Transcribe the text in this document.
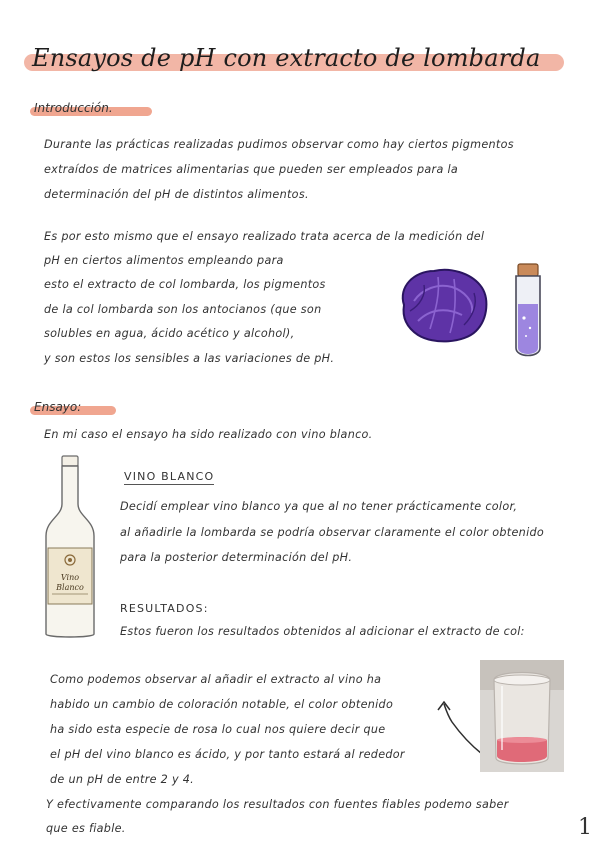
Ensayos de pH con extracto de lombarda
Introducción.
Durante las prácticas realizadas pudimos observar como hay ciertos pigmentos
extraídos de matrices alimentarias que pueden ser empleados para la
determinación del pH de distintos alimentos.
Es por esto mismo que el ensayo realizado trata acerca de la medición del
pH en ciertos alimentos empleando para
esto el extracto de col lombarda, los pigmentos
de la col lombarda son los antocianos (que son
solubles en agua, ácido acético y alcohol),
y son estos los sensibles a las variaciones de pH.
Ensayo:
En mi caso el ensayo ha sido realizado con vino blanco.
Vino Blanco
VINO BLANCO
Decidí emplear vino blanco ya que al no tener prácticamente color,
al añadirle la lombarda se podría observar claramente el color obtenido
para la posterior determinación del pH.
RESULTADOS:
Estos fueron los resultados obtenidos al adicionar el extracto de col:
Como podemos observar al añadir el extracto al vino ha
habido un cambio de coloración notable, el color obtenido
ha sido esta especie de rosa lo cual nos quiere decir que
el pH del vino blanco es ácido, y por tanto estará al rededor
de un pH de entre 2 y 4.
Y efectivamente comparando los resultados con fuentes fiables podemo saber
que es fiable.	1
